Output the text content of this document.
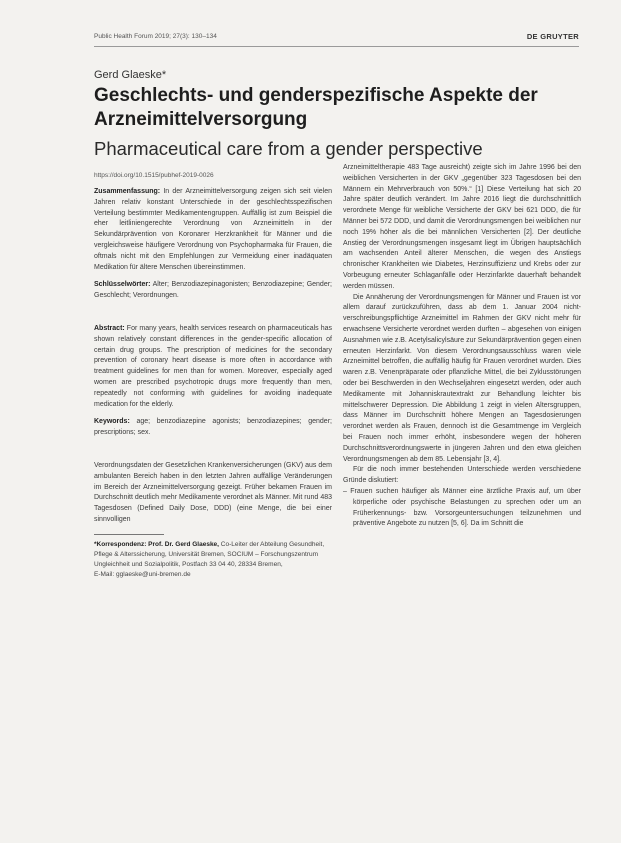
Public Health Forum 2019; 27(3): 130–134	DE GRUYTER
Gerd Glaeske*
Geschlechts- und genderspezifische Aspekte der Arzneimittelversorgung
Pharmaceutical care from a gender perspective
https://doi.org/10.1515/pubhef-2019-0026

Zusammenfassung: In der Arzneimittelversorgung zeigen sich seit vielen Jahren relativ konstant Unterschiede in der geschlechtsspezifischen Verteilung bestimmter Medikamentengruppen. Auffällig ist zum Beispiel die eher leitliniengerechte Verordnung von Arzneimitteln in der Sekundärprävention von Koronarer Herzkrankheit für Männer und die vergleichsweise häufigere Verordnung von Psychopharmaka für Frauen, die oftmals nicht mit den Empfehlungen zur Vermeidung einer inadäquaten Medikation für ältere Menschen übereinstimmen.

Schlüsselwörter: Alter; Benzodiazepinagonisten; Benzodiazepine; Gender; Geschlecht; Verordnungen.

Abstract: For many years, health services research on pharmaceuticals has shown relatively constant differences in the gender-specific allocation of certain drug groups. The prescription of medicines for the secondary prevention of coronary heart disease is more often in accordance with treatment guidelines for men than for women. Moreover, especially aged women are prescribed psychotropic drugs more frequently than men, repeatedly not conforming with guidelines for avoiding inadequate medication for the elderly.

Keywords: age; benzodiazepine agonists; benzodiazepines; gender; prescriptions; sex.

Verordnungsdaten der Gesetzlichen Krankenversicherungen (GKV) aus dem ambulanten Bereich haben in den letzten Jahren auffällige Veränderungen im Bereich der Arzneimittelversorgung gezeigt. Früher bekamen Frauen im Durchschnitt deutlich mehr Medikamente verordnet als Männer. Mit rund 483 Tagesdosen (Defined Daily Dose, DDD) (eine Menge, die bei einer sinnvolligen

*Korrespondenz: Prof. Dr. Gerd Glaeske, Co-Leiter der Abteilung Gesundheit, Pflege & Alterssicherung, Universität Bremen, SOCIUM – Forschungszentrum Ungleichheit und Sozialpolitik, Postfach 33 04 40, 28334 Bremen,
E-Mail: gglaeske@uni-bremen.de

Arzneimitteltherapie 483 Tage ausreicht) zeigte sich im Jahre 1996 bei den weiblichen Versicherten in der GKV „gegenüber 323 Tagesdosen bei den Männern ein Mehrverbrauch von 50%.“ [1] Diese Verteilung hat sich 20 Jahre später deutlich verändert. Im Jahre 2016 liegt die durchschnittlich verordnete Menge für weibliche Versicherte der GKV bei 621 DDD, die für Männer bei 572 DDD, und damit die Verordnungsmengen bei weiblichen nur noch 19% höher als die bei männlichen Versicherten [2]. Der deutliche Anstieg der Verordnungsmengen insgesamt liegt im Übrigen hauptsächlich am wachsenden Anteil älterer Menschen, die wegen des Anstiegs chronischer Krankheiten wie Diabetes, Herzinsuffizienz und Krebs oder zur Vorbeugung erneuter Schlaganfälle oder Herzinfarkte dauerhaft behandelt werden müssen.

Die Annäherung der Verordnungsmengen für Männer und Frauen ist vor allem darauf zurückzuführen, dass ab dem 1. Januar 2004 nicht-verschreibungspflichtige Arzneimittel im Rahmen der GKV nicht mehr für erwachsene Versicherte verordnet werden durften – abgesehen von einigen Ausnahmen wie z.B. Acetylsalicylsäure zur Sekundärprävention gegen einen erneuten Herzinfarkt. Von diesem Verordnungsausschluss waren viele Arzneimittel betroffen, die auffällig häufig für Frauen verordnet wurden. Dies waren z.B. Venenpräparate oder pflanzliche Mittel, die bei Zyklusstörungen oder bei Beschwerden in den Wechseljahren eingesetzt werden, oder auch Medikamente mit Johanniskrautextrakt zur Behandlung leichter bis mittelschwerer Depression. Die Abbildung 1 zeigt in vielen Altersgruppen, dass Männer im Durchschnitt höhere Mengen an Tagesdosierungen verordnet werden als Frauen, dennoch ist die Gesamtmenge im Vergleich bei Frauen noch immer erhöht, insbesondere wegen der höheren Durchschnittsverordnungswerte in jüngeren Jahren und den etwa gleichen Verordnungsmengen ab dem 85. Lebensjahr [3, 4].

Für die noch immer bestehenden Unterschiede werden verschiedene Gründe diskutiert:

– Frauen suchen häufiger als Männer eine ärztliche Praxis auf, um über körperliche oder psychische Belastungen zu sprechen oder um an Früherkennungs- bzw. Vorsorgeuntersuchungen teilzunehmen und präventive Angebote zu nutzen [5, 6]. Da im Schnitt die
